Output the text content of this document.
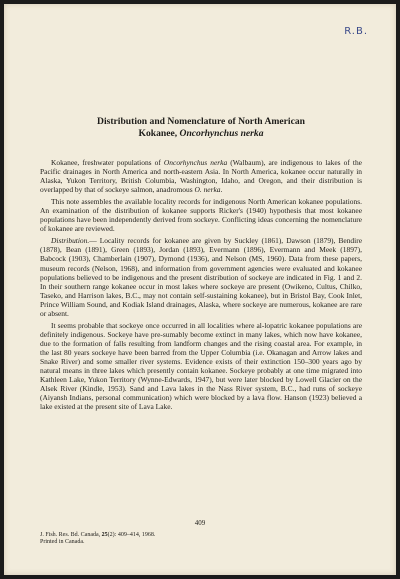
R.B.
Distribution and Nomenclature of North American
Kokanee, Oncorhynchus nerka

Kokanee, freshwater populations of Oncorhynchus nerka (Walbaum), are indigenous to lakes of the Pacific drainages in North America and north-eastern Asia. In North America, kokanee occur naturally in Alaska, Yukon Territory, British Columbia, Washington, Idaho, and Oregon, and their distribution is overlapped by that of sockeye salmon, anadromous O. nerka.

This note assembles the available locality records for indigenous North American kokanee populations. An examination of the distribution of kokanee supports Ricker's (1940) hypothesis that most kokanee populations have been independently derived from sockeye. Conflicting ideas concerning the nomenclature of kokanee are reviewed.

Distribution.— Locality records for kokanee are given by Suckley (1861), Dawson (1879), Bendire (1878), Bean (1891), Green (1893), Jordan (1893), Evermann (1896), Evermann and Meek (1897), Babcock (1903), Chamberlain (1907), Dymond (1936), and Nelson (MS, 1960). Data from these papers, museum records (Nelson, 1968), and information from government agencies were evaluated and kokanee populations believed to be indigenous and the present distribution of sockeye are indicated in Fig. 1 and 2. In their southern range kokanee occur in most lakes where sockeye are present (Owikeno, Cultus, Chilko, Taseko, and Harrison lakes, B.C., may not contain self-sustaining kokanee), but in Bristol Bay, Cook Inlet, Prince William Sound, and Kodiak Island drainages, Alaska, where sockeye are numerous, kokanee are rare or absent.

It seems probable that sockeye once occurred in all localities where al-lopatric kokanee populations are definitely indigenous. Sockeye have pre-sumably become extinct in many lakes, which now have kokanee, due to the formation of falls resulting from landform changes and the rising coastal area. For example, in the last 80 years sockeye have been barred from the Upper Columbia (i.e. Okanagan and Arrow lakes and Snake River) and some smaller river systems. Evidence exists of their extinction 150–300 years ago by natural means in three lakes which presently contain kokanee. Sockeye probably at one time migrated into Kathleen Lake, Yukon Territory (Wynne-Edwards, 1947), but were later blocked by Lowell Glacier on the Alsek River (Kindle, 1953). Sand and Lava lakes in the Nass River system, B.C., had runs of sockeye (Aiyansh Indians, personal communication) which were blocked by a lava flow. Hanson (1923) believed a lake existed at the present site of Lava Lake.

409
J. Fish. Res. Bd. Canada, 25(2): 409–414, 1968.
Printed in Canada.
